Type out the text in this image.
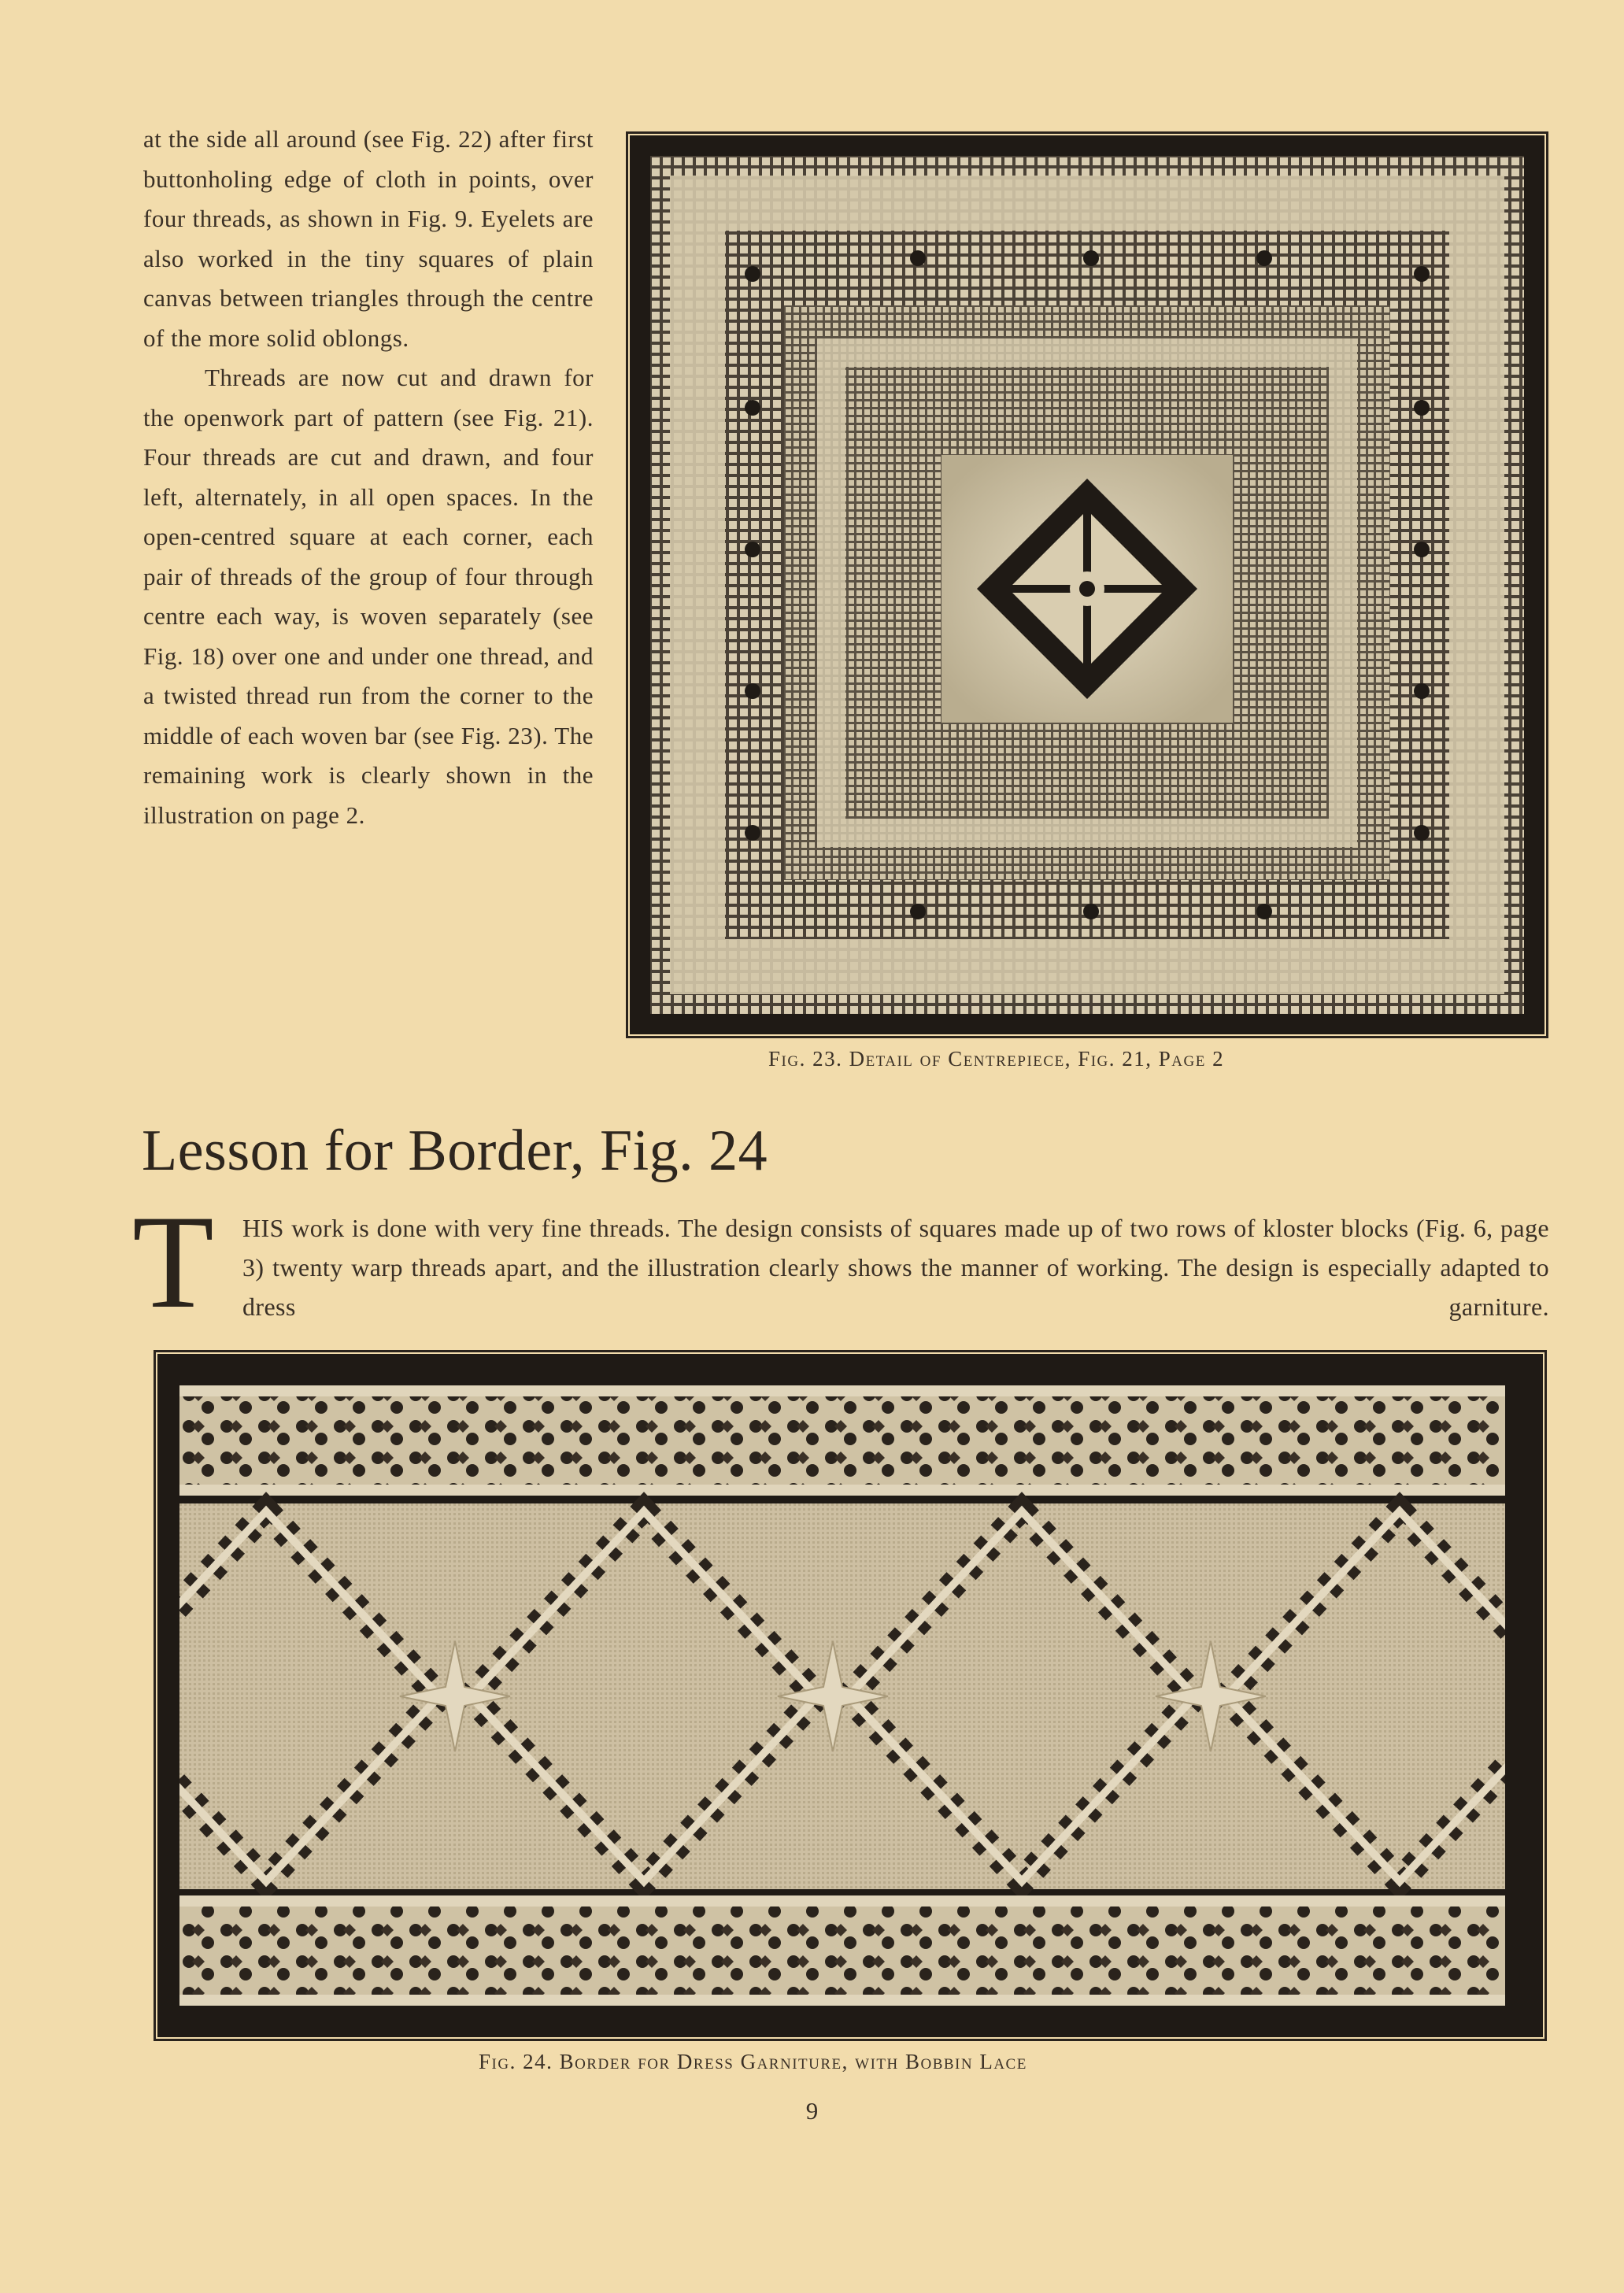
at the side all around (see Fig. 22) after first buttonholing edge of cloth in points, over four threads, as shown in Fig. 9. Eyelets are also worked in the tiny squares of plain canvas between triangles through the centre of the more solid oblongs.

Threads are now cut and drawn for the openwork part of pattern (see Fig. 21). Four threads are cut and drawn, and four left, alternately, in all open spaces. In the open-centred square at each corner, each pair of threads of the group of four through centre each way, is woven separately (see Fig. 18) over one and under one thread, and a twisted thread run from the corner to the middle of each woven bar (see Fig. 23). The remaining work is clearly shown in the illustration on page 2.

Fig. 23. Detail of Centrepiece, Fig. 21, Page 2
Lesson for Border, Fig. 24
T HIS work is done with very fine threads. The design consists of squares made up of two rows of kloster blocks (Fig. 6, page 3) twenty warp threads apart, and the illustration clearly shows the manner of working. The design is especially adapted to dress garniture.
Fig. 24. Border for Dress Garniture, with Bobbin Lace
9
